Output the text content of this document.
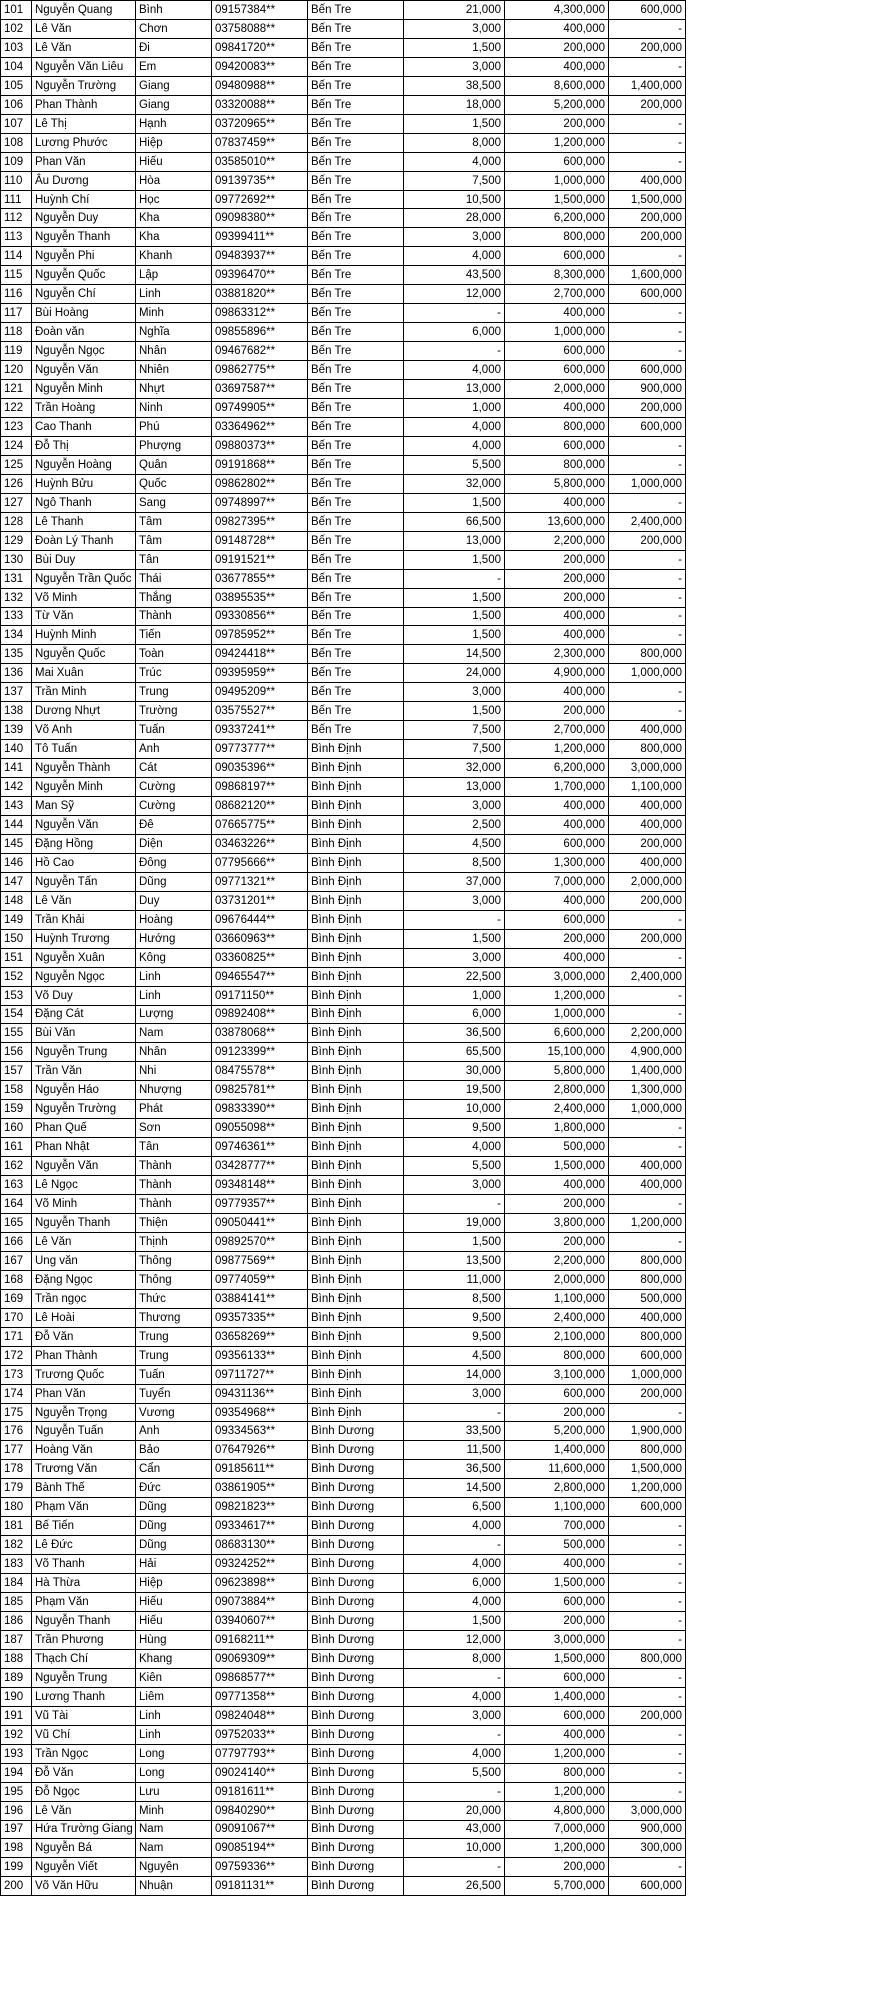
101	Nguyễn Quang	Bình	09157384**	Bến Tre	21,000	4,300,000	600,000
102	Lê Văn	Chơn	03758088**	Bến Tre	3,000	400,000	-
103	Lê Văn	Đi	09841720**	Bến Tre	1,500	200,000	200,000
104	Nguyễn Văn Liêu	Em	09420083**	Bến Tre	3,000	400,000	-
105	Nguyễn Trường	Giang	09480988**	Bến Tre	38,500	8,600,000	1,400,000
106	Phan Thành	Giang	03320088**	Bến Tre	18,000	5,200,000	200,000
107	Lê Thị	Hạnh	03720965**	Bến Tre	1,500	200,000	-
108	Lương Phước	Hiệp	07837459**	Bến Tre	8,000	1,200,000	-
109	Phan Văn	Hiếu	03585010**	Bến Tre	4,000	600,000	-
110	Âu Dương	Hòa	09139735**	Bến Tre	7,500	1,000,000	400,000
111	Huỳnh Chí	Học	09772692**	Bến Tre	10,500	1,500,000	1,500,000
112	Nguyễn Duy	Kha	09098380**	Bến Tre	28,000	6,200,000	200,000
113	Nguyễn Thanh	Kha	09399411**	Bến Tre	3,000	800,000	200,000
114	Nguyễn Phi	Khanh	09483937**	Bến Tre	4,000	600,000	-
115	Nguyễn Quốc	Lập	09396470**	Bến Tre	43,500	8,300,000	1,600,000
116	Nguyễn Chí	Linh	03881820**	Bến Tre	12,000	2,700,000	600,000
117	Bùi Hoàng	Minh	09863312**	Bến Tre	-	400,000	-
118	Đoàn văn	Nghĩa	09855896**	Bến Tre	6,000	1,000,000	-
119	Nguyễn Ngọc	Nhân	09467682**	Bến Tre	-	600,000	-
120	Nguyễn Văn	Nhiên	09862775**	Bến Tre	4,000	600,000	600,000
121	Nguyễn Minh	Nhựt	03697587**	Bến Tre	13,000	2,000,000	900,000
122	Trần Hoàng	Ninh	09749905**	Bến Tre	1,000	400,000	200,000
123	Cao Thanh	Phú	03364962**	Bến Tre	4,000	800,000	600,000
124	Đỗ Thị	Phượng	09880373**	Bến Tre	4,000	600,000	-
125	Nguyễn Hoàng	Quân	09191868**	Bến Tre	5,500	800,000	-
126	Huỳnh Bửu	Quốc	09862802**	Bến Tre	32,000	5,800,000	1,000,000
127	Ngô Thanh	Sang	09748997**	Bến Tre	1,500	400,000	-
128	Lê Thanh	Tâm	09827395**	Bến Tre	66,500	13,600,000	2,400,000
129	Đoàn Lý Thanh	Tâm	09148728**	Bến Tre	13,000	2,200,000	200,000
130	Bùi Duy	Tân	09191521**	Bến Tre	1,500	200,000	-
131	Nguyễn Trần Quốc	Thái	03677855**	Bến Tre	-	200,000	-
132	Võ Minh	Thắng	03895535**	Bến Tre	1,500	200,000	-
133	Từ Văn	Thành	09330856**	Bến Tre	1,500	400,000	-
134	Huỳnh Minh	Tiến	09785952**	Bến Tre	1,500	400,000	-
135	Nguyễn Quốc	Toàn	09424418**	Bến Tre	14,500	2,300,000	800,000
136	Mai Xuân	Trúc	09395959**	Bến Tre	24,000	4,900,000	1,000,000
137	Trần Minh	Trung	09495209**	Bến Tre	3,000	400,000	-
138	Dương Nhựt	Trường	03575527**	Bến Tre	1,500	200,000	-
139	Võ Anh	Tuấn	09337241**	Bến Tre	7,500	2,700,000	400,000
140	Tô Tuấn	Anh	09773777**	Bình Định	7,500	1,200,000	800,000
141	Nguyễn Thành	Cát	09035396**	Bình Định	32,000	6,200,000	3,000,000
142	Nguyễn Minh	Cường	09868197**	Bình Định	13,000	1,700,000	1,100,000
143	Man Sỹ	Cường	08682120**	Bình Định	3,000	400,000	400,000
144	Nguyễn Văn	Đê	07665775**	Bình Định	2,500	400,000	400,000
145	Đặng Hồng	Diện	03463226**	Bình Định	4,500	600,000	200,000
146	Hồ Cao	Đông	07795666**	Bình Định	8,500	1,300,000	400,000
147	Nguyễn Tấn	Dũng	09771321**	Bình Định	37,000	7,000,000	2,000,000
148	Lê Văn	Duy	03731201**	Bình Định	3,000	400,000	200,000
149	Trần Khải	Hoàng	09676444**	Bình Định	-	600,000	-
150	Huỳnh Trương	Hướng	03660963**	Bình Định	1,500	200,000	200,000
151	Nguyễn Xuân	Kông	03360825**	Bình Định	3,000	400,000	-
152	Nguyễn Ngọc	Linh	09465547**	Bình Định	22,500	3,000,000	2,400,000
153	Võ Duy	Linh	09171150**	Bình Định	1,000	1,200,000	-
154	Đặng Cát	Lượng	09892408**	Bình Định	6,000	1,000,000	-
155	Bùi Văn	Nam	03878068**	Bình Định	36,500	6,600,000	2,200,000
156	Nguyễn Trung	Nhân	09123399**	Bình Định	65,500	15,100,000	4,900,000
157	Trần Văn	Nhi	08475578**	Bình Định	30,000	5,800,000	1,400,000
158	Nguyễn Háo	Nhượng	09825781**	Bình Định	19,500	2,800,000	1,300,000
159	Nguyễn Trường	Phát	09833390**	Bình Định	10,000	2,400,000	1,000,000
160	Phan Quế	Sơn	09055098**	Bình Định	9,500	1,800,000	-
161	Phan Nhật	Tân	09746361**	Bình Định	4,000	500,000	-
162	Nguyễn Văn	Thành	03428777**	Bình Định	5,500	1,500,000	400,000
163	Lê Ngọc	Thành	09348148**	Bình Định	3,000	400,000	400,000
164	Võ Minh	Thành	09779357**	Bình Định	-	200,000	-
165	Nguyễn Thanh	Thiện	09050441**	Bình Định	19,000	3,800,000	1,200,000
166	Lê Văn	Thịnh	09892570**	Bình Định	1,500	200,000	-
167	Ung văn	Thông	09877569**	Bình Định	13,500	2,200,000	800,000
168	Đặng Ngọc	Thông	09774059**	Bình Định	11,000	2,000,000	800,000
169	Trần ngọc	Thức	03884141**	Bình Định	8,500	1,100,000	500,000
170	Lê Hoài	Thương	09357335**	Bình Định	9,500	2,400,000	400,000
171	Đỗ Văn	Trung	03658269**	Bình Định	9,500	2,100,000	800,000
172	Phan Thành	Trung	09356133**	Bình Định	4,500	800,000	600,000
173	Trương Quốc	Tuấn	09711727**	Bình Định	14,000	3,100,000	1,000,000
174	Phan Văn	Tuyển	09431136**	Bình Định	3,000	600,000	200,000
175	Nguyễn Trọng	Vương	09354968**	Bình Định	-	200,000	-
176	Nguyễn Tuấn	Anh	09334563**	Bình Dương	33,500	5,200,000	1,900,000
177	Hoàng Văn	Bảo	07647926**	Bình Dương	11,500	1,400,000	800,000
178	Trương Văn	Cẩn	09185611**	Bình Dương	36,500	11,600,000	1,500,000
179	Bành Thế	Đức	03861905**	Bình Dương	14,500	2,800,000	1,200,000
180	Phạm Văn	Dũng	09821823**	Bình Dương	6,500	1,100,000	600,000
181	Bế Tiến	Dũng	09334617**	Bình Dương	4,000	700,000	-
182	Lê Đức	Dũng	08683130**	Bình Dương	-	500,000	-
183	Võ Thanh	Hải	09324252**	Bình Dương	4,000	400,000	-
184	Hà Thừa	Hiệp	09623898**	Bình Dương	6,000	1,500,000	-
185	Phạm Văn	Hiếu	09073884**	Bình Dương	4,000	600,000	-
186	Nguyễn Thanh	Hiếu	03940607**	Bình Dương	1,500	200,000	-
187	Trần Phương	Hùng	09168211**	Bình Dương	12,000	3,000,000	-
188	Thạch Chí	Khang	09069309**	Bình Dương	8,000	1,500,000	800,000
189	Nguyễn Trung	Kiên	09868577**	Bình Dương	-	600,000	-
190	Lương Thanh	Liêm	09771358**	Bình Dương	4,000	1,400,000	-
191	Vũ Tài	Linh	09824048**	Bình Dương	3,000	600,000	200,000
192	Vũ Chí	Linh	09752033**	Bình Dương	-	400,000	-
193	Trần Ngọc	Long	07797793**	Bình Dương	4,000	1,200,000	-
194	Đỗ Văn	Long	09024140**	Bình Dương	5,500	800,000	-
195	Đỗ Ngọc	Lưu	09181611**	Bình Dương	-	1,200,000	-
196	Lê Văn	Minh	09840290**	Bình Dương	20,000	4,800,000	3,000,000
197	Hứa Trường Giang	Nam	09091067**	Bình Dương	43,000	7,000,000	900,000
198	Nguyễn Bá	Nam	09085194**	Bình Dương	10,000	1,200,000	300,000
199	Nguyễn Viết	Nguyên	09759336**	Bình Dương	-	200,000	-
200	Võ Văn Hữu	Nhuận	09181131**	Bình Dương	26,500	5,700,000	600,000
